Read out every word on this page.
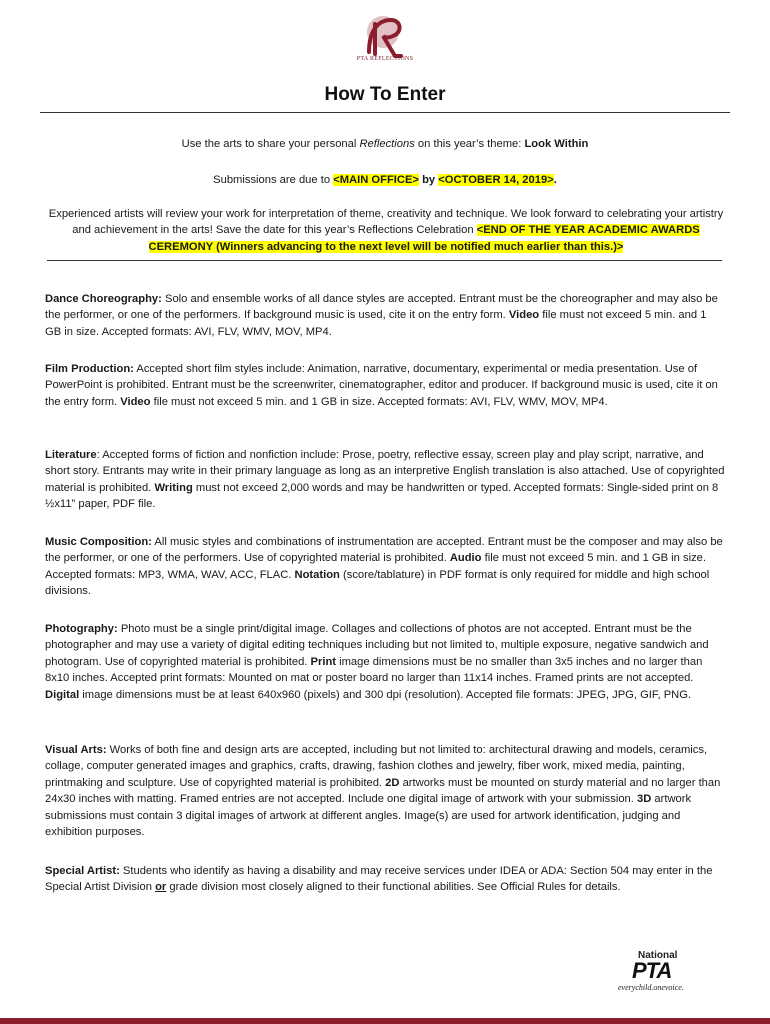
PTA REFLECTIONS
How To Enter
Use the arts to share your personal Reflections on this year’s theme: Look Within
Submissions are due to <MAIN OFFICE> by <OCTOBER 14, 2019>.
Experienced artists will review your work for interpretation of theme, creativity and technique. We look forward to celebrating your artistry and achievement in the arts! Save the date for this year’s Reflections Celebration <END OF THE YEAR ACADEMIC AWARDS CEREMONY (Winners advancing to the next level will be notified much earlier than this.)>
Dance Choreography: Solo and ensemble works of all dance styles are accepted. Entrant must be the choreographer and may also be the performer, or one of the performers. If background music is used, cite it on the entry form. Video file must not exceed 5 min. and 1 GB in size. Accepted formats: AVI, FLV, WMV, MOV, MP4.
Film Production: Accepted short film styles include: Animation, narrative, documentary, experimental or media presentation. Use of PowerPoint is prohibited. Entrant must be the screenwriter, cinematographer, editor and producer. If background music is used, cite it on the entry form. Video file must not exceed 5 min. and 1 GB in size. Accepted formats: AVI, FLV, WMV, MOV, MP4.
Literature: Accepted forms of fiction and nonfiction include: Prose, poetry, reflective essay, screen play and play script, narrative, and short story. Entrants may write in their primary language as long as an interpretive English translation is also attached. Use of copyrighted material is prohibited. Writing must not exceed 2,000 words and may be handwritten or typed. Accepted formats: Single-sided print on 8 ½x11” paper, PDF file.
Music Composition: All music styles and combinations of instrumentation are accepted. Entrant must be the composer and may also be the performer, or one of the performers. Use of copyrighted material is prohibited. Audio file must not exceed 5 min. and 1 GB in size. Accepted formats: MP3, WMA, WAV, ACC, FLAC. Notation (score/tablature) in PDF format is only required for middle and high school divisions.
Photography: Photo must be a single print/digital image. Collages and collections of photos are not accepted. Entrant must be the photographer and may use a variety of digital editing techniques including but not limited to, multiple exposure, negative sandwich and photogram. Use of copyrighted material is prohibited. Print image dimensions must be no smaller than 3x5 inches and no larger than 8x10 inches. Accepted print formats: Mounted on mat or poster board no larger than 11x14 inches. Framed prints are not accepted. Digital image dimensions must be at least 640x960 (pixels) and 300 dpi (resolution). Accepted file formats: JPEG, JPG, GIF, PNG.
Visual Arts: Works of both fine and design arts are accepted, including but not limited to: architectural drawing and models, ceramics, collage, computer generated images and graphics, crafts, drawing, fashion clothes and jewelry, fiber work, mixed media, painting, printmaking and sculpture. Use of copyrighted material is prohibited. 2D artworks must be mounted on sturdy material and no larger than 24x30 inches with matting. Framed entries are not accepted. Include one digital image of artwork with your submission. 3D artwork submissions must contain 3 digital images of artwork at different angles. Image(s) are used for artwork identification, judging and exhibition purposes.
Special Artist: Students who identify as having a disability and may receive services under IDEA or ADA: Section 504 may enter in the Special Artist Division or grade division most closely aligned to their functional abilities. See Official Rules for details.
National
PTA
everychild.onevoice.
